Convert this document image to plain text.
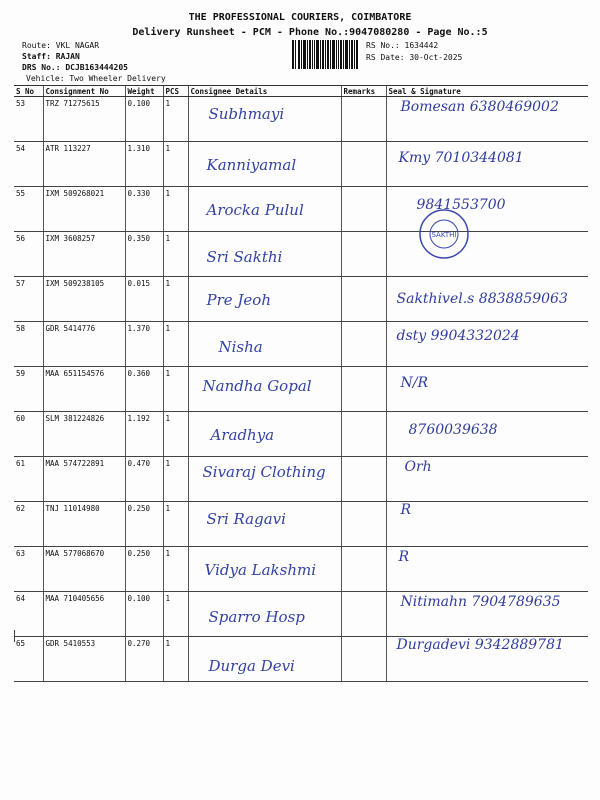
THE PROFESSIONAL COURIERS, COIMBATORE
Delivery Runsheet - PCM - Phone No.:9047080280 - Page No.:5
Route: VKL NAGAR
Staff: RAJAN
DRS No.: DCJB163444205
Vehicle: Two Wheeler Delivery
RS No.: 1634442
RS Date: 30-Oct-2025
S No	Consignment No	Weight	PCS	Consignee Details	Remarks	Seal & Signature
53	TRZ 71275615	0.100	1	Subhmayi		Bomesan 6380469002

54	ATR 113227	1.310	1	Kanniyamal		Kmy 7010344081

55	IXM 509268021	0.330	1	Arocka Pulul		9841553700

56	IXM 3608257	0.350	1	Sri Sakthi		

57	IXM 509238105	0.015	1	Pre Jeoh		Sakthivel.s 8838859063

58	GDR 5414776	1.370	1	Nisha		dsty 9904332024

59	MAA 651154576	0.360	1	Nandha Gopal		N/R

60	SLM 381224826	1.192	1	Aradhya		8760039638

61	MAA 574722891	0.470	1	Sivaraj Clothing		Orh

62	TNJ 11014980	0.250	1	Sri Ragavi		R

63	MAA 577068670	0.250	1	Vidya Lakshmi		R

64	MAA 710405656	0.100	1	Sparro Hosp		Nitimahn 7904789635

65	GDR 5410553	0.270	1	Durga Devi		Durgadevi 9342889781
SAKTHI
